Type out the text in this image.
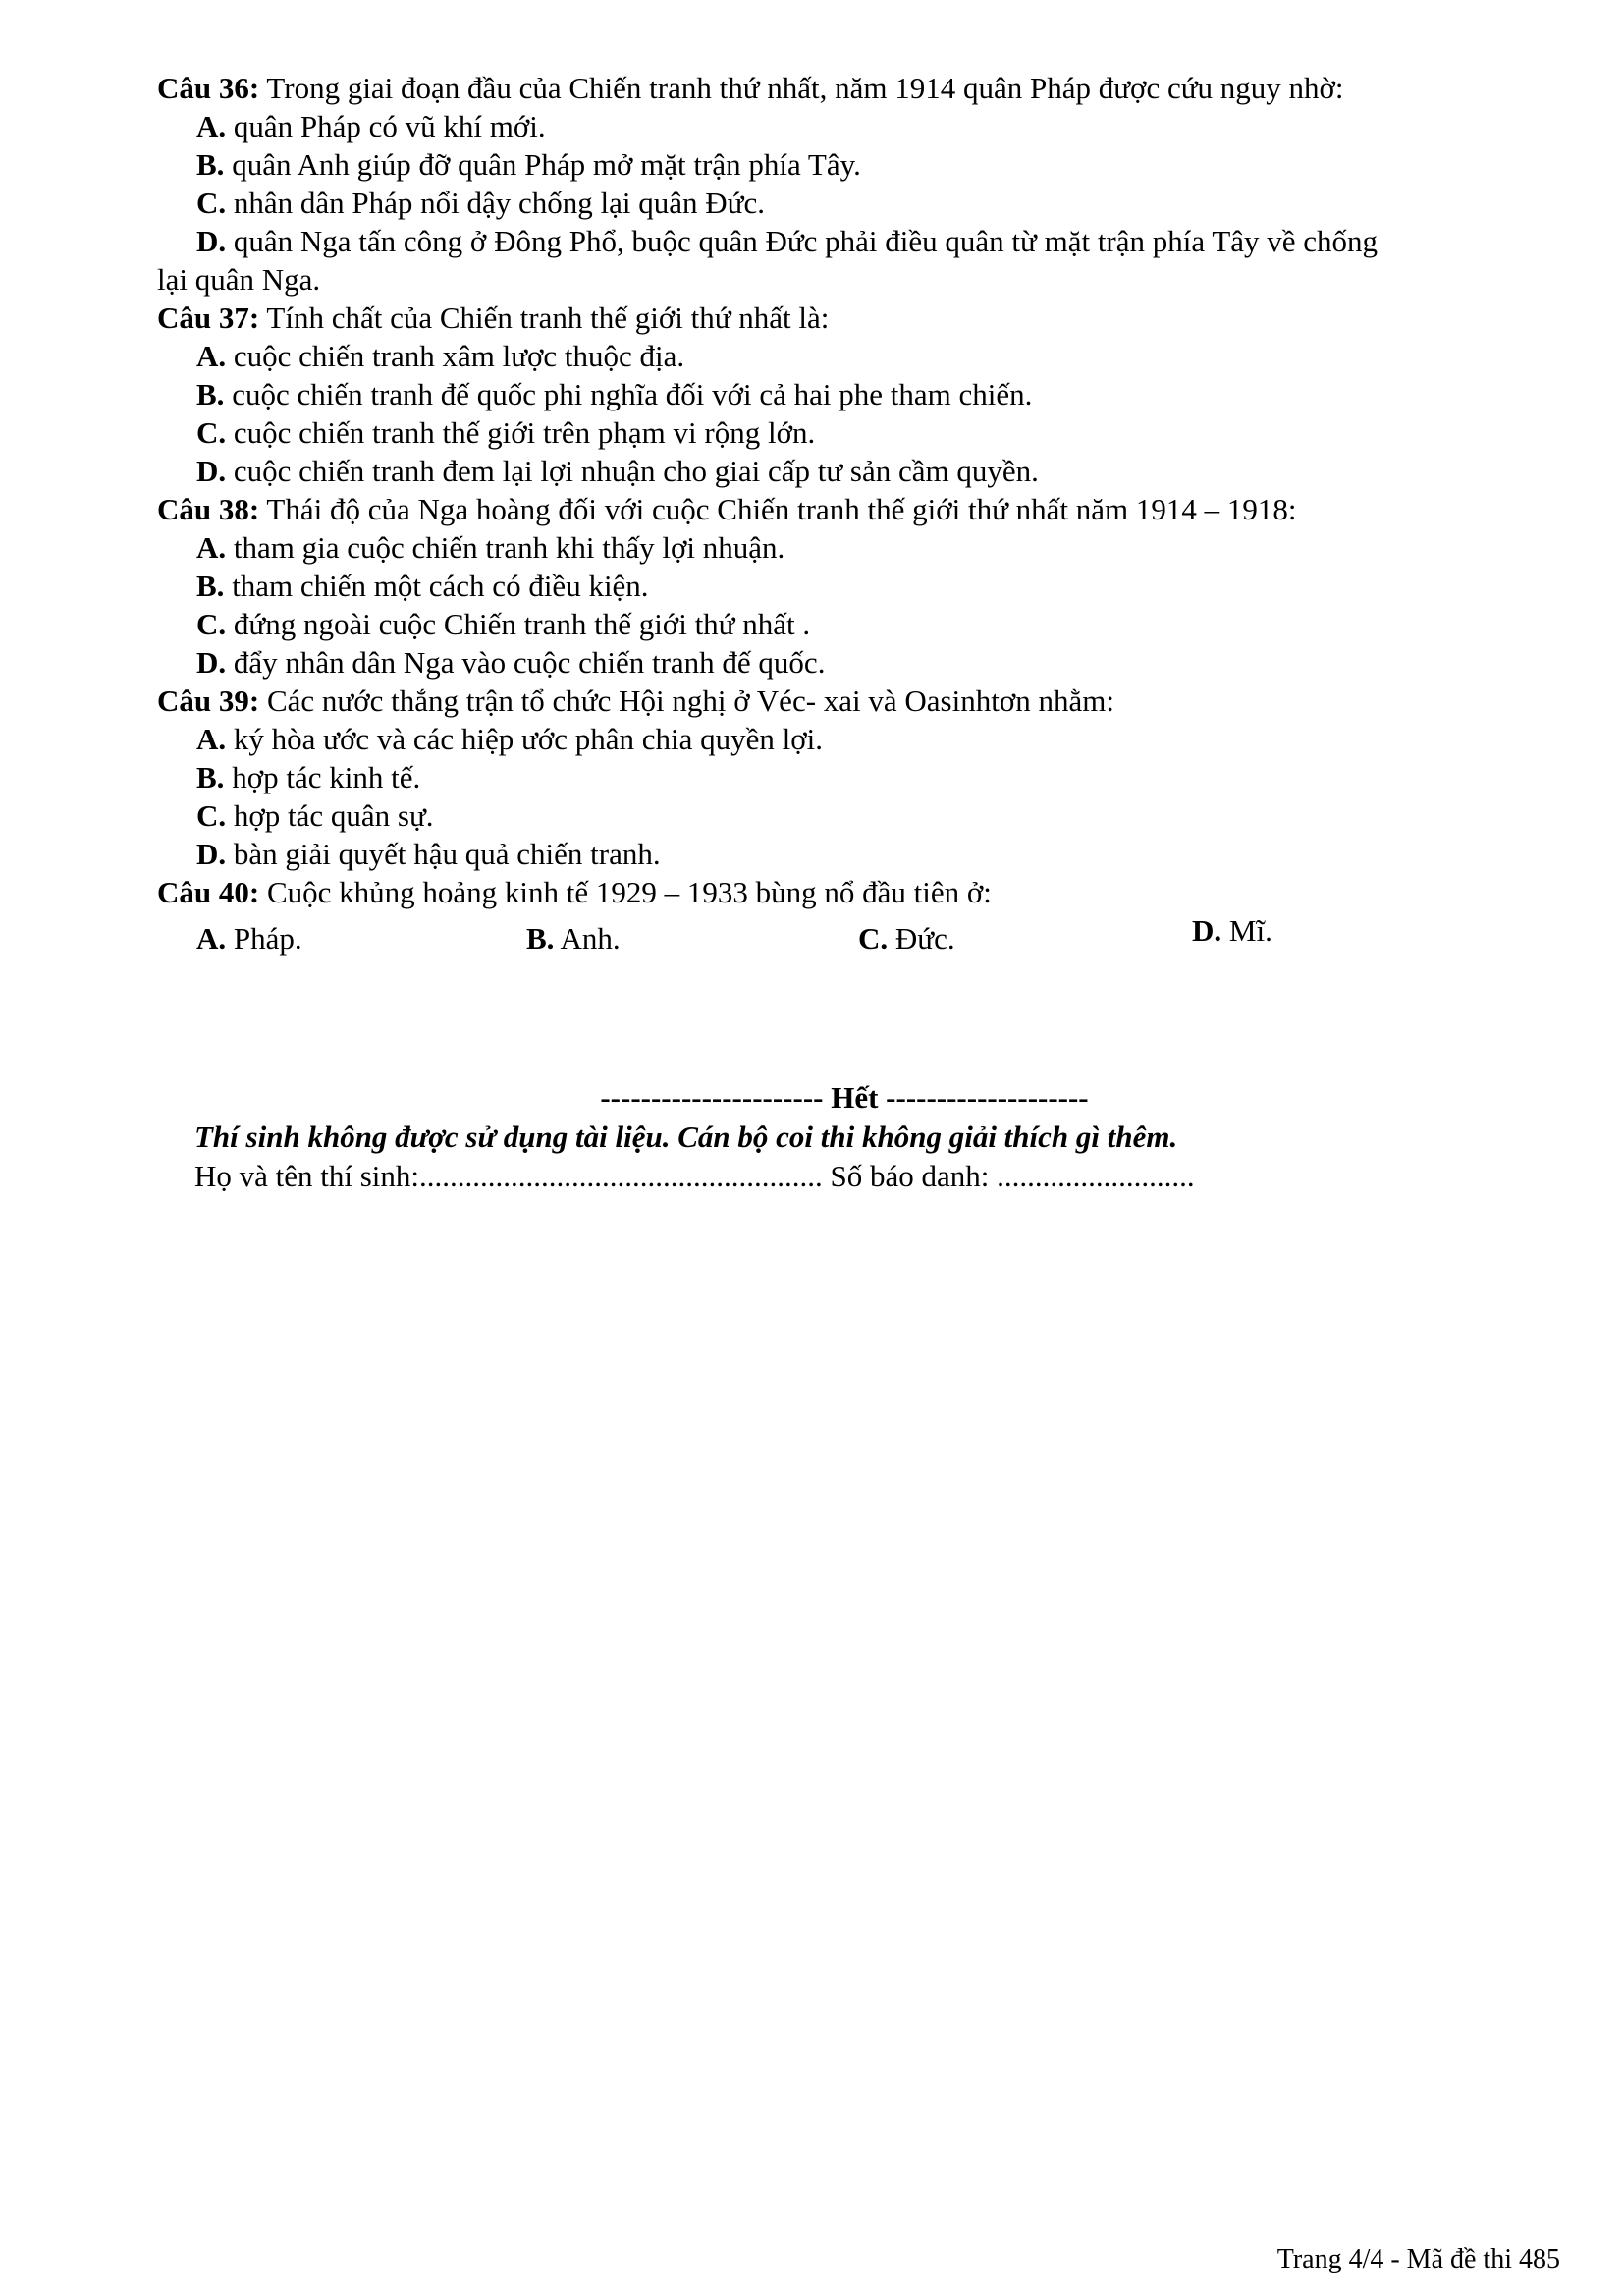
Câu 36: Trong giai đoạn đầu của Chiến tranh thứ nhất, năm 1914 quân Pháp được cứu nguy nhờ:
A. quân Pháp có vũ khí mới.
B. quân Anh giúp đỡ quân Pháp mở mặt trận phía Tây.
C. nhân dân Pháp nổi dậy chống lại quân Đức.
D. quân Nga tấn công ở Đông Phổ, buộc quân Đức phải điều quân từ mặt trận phía Tây về chống
lại quân Nga.
Câu 37: Tính chất của Chiến tranh thế giới thứ nhất là:
A. cuộc chiến tranh xâm lược thuộc địa.
B. cuộc chiến tranh đế quốc phi nghĩa đối với cả hai phe tham chiến.
C. cuộc chiến tranh thế giới trên phạm vi rộng lớn.
D. cuộc chiến tranh đem lại lợi nhuận cho giai cấp tư sản cầm quyền.
Câu 38: Thái độ của Nga hoàng đối với cuộc Chiến tranh thế giới thứ nhất năm 1914 – 1918:
A. tham gia cuộc chiến tranh khi thấy lợi nhuận.
B. tham chiến một cách có điều kiện.
C. đứng ngoài cuộc Chiến tranh thế giới thứ nhất .
D. đẩy nhân dân Nga vào cuộc chiến tranh đế quốc.
Câu 39: Các nước thắng trận tổ chức Hội nghị ở Véc- xai và Oasinhtơn nhằm:
A. ký hòa ước và các hiệp ước phân chia quyền lợi.
B. hợp tác kinh tế.
C. hợp tác quân sự.
D. bàn giải quyết hậu quả chiến tranh.
Câu 40: Cuộc khủng hoảng kinh tế 1929 – 1933 bùng nổ đầu tiên ở:
A. Pháp.	B. Anh.	C. Đức.	D. Mĩ.
---------------------- Hết --------------------
Thí sinh không được sử dụng tài liệu. Cán bộ coi thi không giải thích gì thêm.
Họ và tên thí sinh:..................................................... Số báo danh: ..........................
Trang 4/4 - Mã đề thi 485
